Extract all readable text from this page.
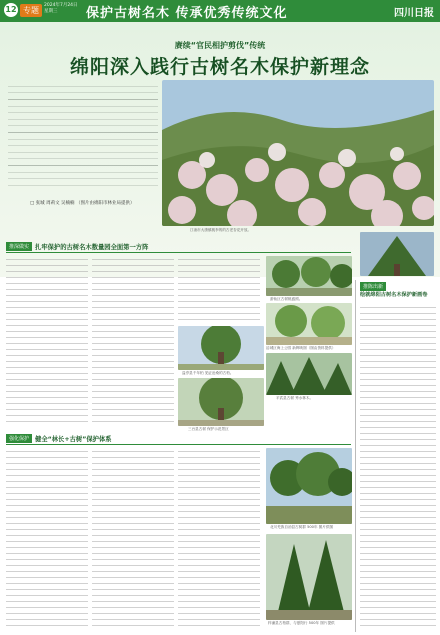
12 专题
2024年7月24日 星期三	保护古树名木 传承优秀传统文化	四川日报
赓续“官民相护剪伐”传统
绵阳深入践行古树名木保护新理念
□ 张城 周莉文 吴楠楠 （图片由绵阳市林业局提供）
江油市大康镇桃李的的古老杏花开放。
推深做实 扎牢保护的古树名木数量园全面第一方阵
游仙区古树桃盛照。
盐亭县千年柏 见证沧桑的古柏。
涪城区海上公园 新辉映图（图由资料提供）
平武县古树 秀水林木。
三台县古树 保护示范景区
强化保护 健全“林长+古树”保护体系
北川羌族自治县古树群 500年 图片供图
梓潼县古柏群，与夏阳行 500年 图片提供
推陈出新
绘就绵阳古树名木保护新画卷
